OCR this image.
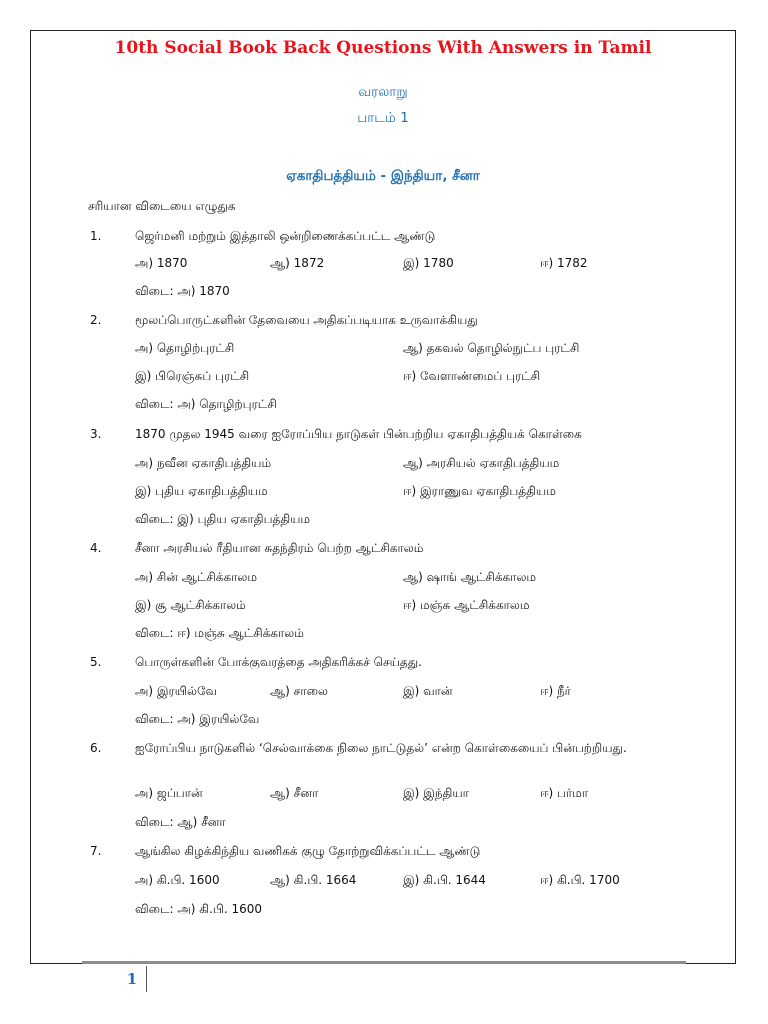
10th Social Book Back Questions With Answers in Tamil
வரலாறு
பாடம் 1
ஏகாதிபத்தியம் - இந்தியா, சீனா
சரியான விடையை எழுதுக
1.	ஜெர்மனி மற்றும் இத்தாலி ஒன்றிணைக்கப்பட்ட ஆண்டு
அ) 1870	ஆ) 1872	இ) 1780	ஈ) 1782
விடை: அ) 1870
2.	மூலப்பொருட்களின் தேவையை அதிகப்படியாக உருவாக்கியது
அ) தொழிற்புரட்சி	ஆ) தகவல் தொழில்நுட்ப புரட்சி
இ) பிரெஞ்சுப் புரட்சி	ஈ) வேளாண்மைப் புரட்சி
விடை: அ) தொழிற்புரட்சி
3.	1870 முதல 1945 வரை ஐரோப்பிய நாடுகள் பின்பற்றிய ஏகாதிபத்தியக் கொள்கை
அ) நவீன ஏகாதிபத்தியம்	ஆ) அரசியல் ஏகாதிபத்தியம
இ) புதிய ஏகாதிபத்தியம	ஈ) இராணுவ ஏகாதிபத்தியம
விடை: இ) புதிய ஏகாதிபத்தியம
4.	சீனா அரசியல் ரீதியான சுதந்திரம் பெற்ற ஆட்சிகாலம்
அ) சின் ஆட்சிக்காலம	ஆ) ஷாங் ஆட்சிக்காலம
இ) சூ ஆட்சிக்காலம்	ஈ) மஞ்சு ஆட்சிக்காலம
விடை: ஈ) மஞ்சு ஆட்சிக்காலம்
5.	பொருள்களின் போக்குவரத்தை அதிகரிக்கச் செய்தது.
அ) இரயில்வே	ஆ) சாலை	இ) வான்	ஈ) நீர்
விடை: அ) இரயில்வே
6.	ஐரோப்பிய நாடுகளில் ‘செல்வாக்கை நிலை நாட்டுதல்’ என்ற கொள்கையைப் பின்பற்றியது.
அ) ஜப்பான்	ஆ) சீனா	இ) இந்தியா	ஈ) பர்மா
விடை: ஆ) சீனா
7.	ஆங்கில கிழக்கிந்திய வணிகக் குழு தோற்றுவிக்கப்பட்ட ஆண்டு
அ) கி.பி. 1600	ஆ) கி.பி. 1664	இ) கி.பி. 1644	ஈ) கி.பி. 1700
விடை: அ) கி.பி. 1600
1
